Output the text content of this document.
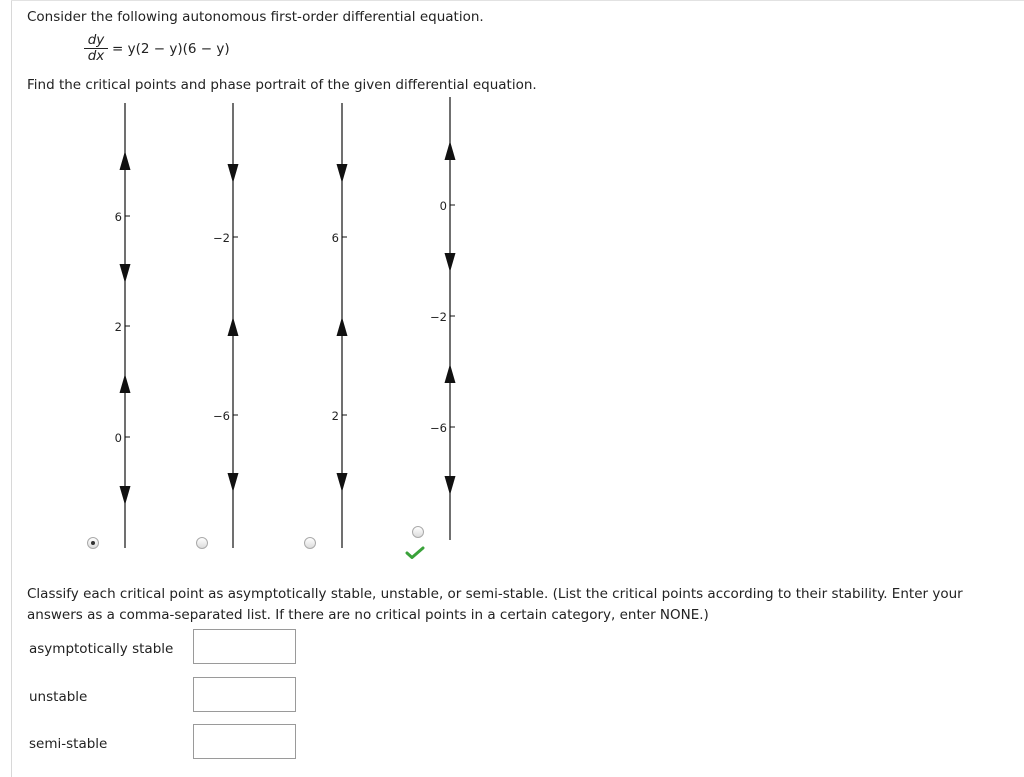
Consider the following autonomous first-order differential equation.
$\frac{dy}{dx} = y(2 - y)(6 - y)$
Find the critical points and phase portrait of the given differential equation.
6
2
0
−2
−6
6
2
0
−2
−6
Classify each critical point as asymptotically stable, unstable, or semi-stable. (List the critical points according to their stability. Enter your
answers as a comma-separated list. If there are no critical points in a certain category, enter NONE.)
asymptotically stable
unstable
semi-stable
